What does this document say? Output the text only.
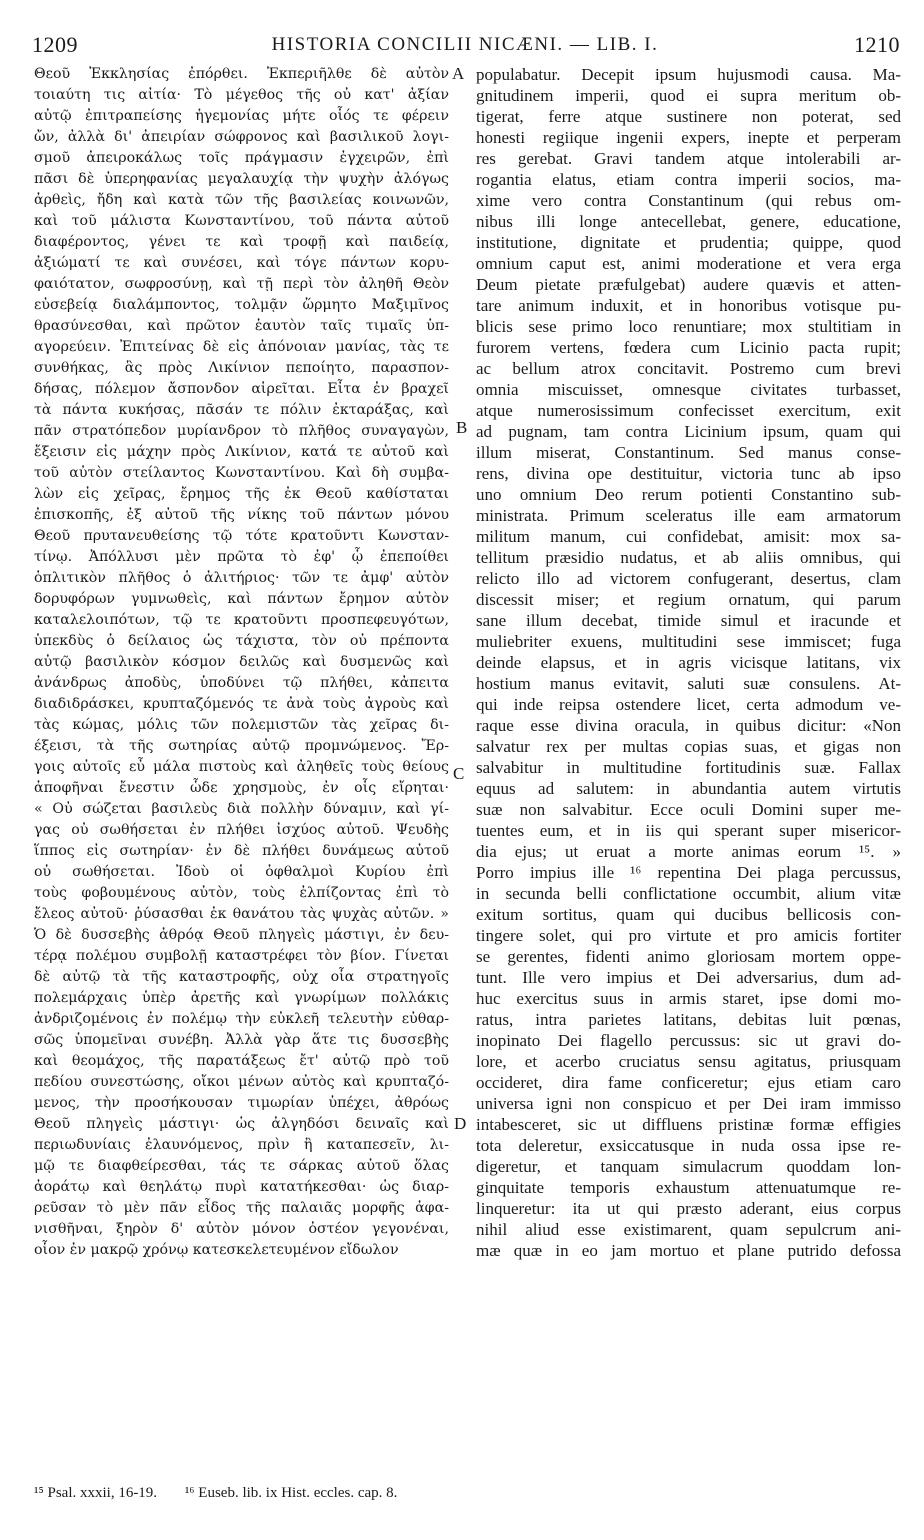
1209	HISTORIA CONCILII NICÆNI. — LIB. I.	1210
Θεοῦ Ἐκκλησίας ἐπόρθει. Ἐκπεριῆλθε δὲ αὐτὸν
τοιαύτη τις αἰτία· Τὸ μέγεθος τῆς οὐ κατ' ἀξίαν
αὐτῷ ἐπιτραπείσης ἡγεμονίας μήτε οἷός τε φέρειν
ὤν, ἀλλὰ δι' ἀπειρίαν σώφρονος καὶ βασιλικοῦ λογι-
σμοῦ ἀπειροκάλως τοῖς πράγμασιν ἐγχειρῶν, ἐπὶ
πᾶσι δὲ ὑπερηφανίας μεγαλαυχίᾳ τὴν ψυχὴν ἀλόγως
ἀρθεὶς, ἤδη καὶ κατὰ τῶν τῆς βασιλείας κοινωνῶν,
καὶ τοῦ μάλιστα Κωνσταντίνου, τοῦ πάντα αὐτοῦ
διαφέροντος, γένει τε καὶ τροφῇ καὶ παιδείᾳ,
ἀξιώματί τε καὶ συνέσει, καὶ τόγε πάντων κορυ-
φαιότατον, σωφροσύνῃ, καὶ τῇ περὶ τὸν ἀληθῆ Θεὸν
εὐσεβείᾳ διαλάμποντος, τολμᾷν ὥρμητο Μαξιμῖνος
θρασύνεσθαι, καὶ πρῶτον ἑαυτὸν ταῖς τιμαῖς ὑπ-
αγορεύειν. Ἐπιτείνας δὲ εἰς ἀπόνοιαν μανίας, τὰς τε
συνθήκας, ἃς πρὸς Λικίνιον πεποίητο, παρασπον-
δήσας, πόλεμον ἄσπονδον αἱρεῖται. Εἶτα ἐν βραχεῖ
τὰ πάντα κυκήσας, πᾶσάν τε πόλιν ἐκταράξας, καὶ
πᾶν στρατόπεδον μυρίανδρον τὸ πλῆθος συναγαγὼν,
ἔξεισιν εἰς μάχην πρὸς Λικίνιον, κατά τε αὐτοῦ καὶ
τοῦ αὐτὸν στείλαντος Κωνσταντίνου. Καὶ δὴ συμβα-
λὼν εἰς χεῖρας, ἔρημος τῆς ἐκ Θεοῦ καθίσταται
ἐπισκοπῆς, ἐξ αὐτοῦ τῆς νίκης τοῦ πάντων μόνου
Θεοῦ πρυτανευθείσης τῷ τότε κρατοῦντι Κωνσταν-
τίνῳ. Ἀπόλλυσι μὲν πρῶτα τὸ ἐφ' ᾧ ἐπεποίθει
ὁπλιτικὸν πλῆθος ὁ ἀλιτήριος· τῶν τε ἀμφ' αὐτὸν
δορυφόρων γυμνωθεὶς, καὶ πάντων ἔρημον αὐτὸν
καταλελοιπότων, τῷ τε κρατοῦντι προσπεφευγότων,
ὑπεκδὺς ὁ δείλαιος ὡς τάχιστα, τὸν οὐ πρέποντα
αὐτῷ βασιλικὸν κόσμον δειλῶς καὶ δυσμενῶς καὶ
ἀνάνδρως ἀποδὺς, ὑποδύνει τῷ πλήθει, κἀπειτα
διαδιδράσκει, κρυπταζόμενός τε ἀνὰ τοὺς ἀγροὺς καὶ
τὰς κώμας, μόλις τῶν πολεμιστῶν τὰς χεῖρας δι-
έξεισι, τὰ τῆς σωτηρίας αὐτῷ προμνώμενος. Ἔρ-
γοις αὐτοῖς εὖ μάλα πιστοὺς καὶ ἀληθεῖς τοὺς θείους
ἀποφῆναι ἔνεστιν ὧδε χρησμοὺς, ἐν οἷς εἴρηται·
« Οὐ σώζεται βασιλεὺς διὰ πολλὴν δύναμιν, καὶ γί-
γας οὐ σωθήσεται ἐν πλήθει ἰσχύος αὐτοῦ. Ψευδὴς
ἵππος εἰς σωτηρίαν· ἐν δὲ πλήθει δυνάμεως αὐτοῦ
οὐ σωθήσεται. Ἰδοὺ οἱ ὀφθαλμοὶ Κυρίου ἐπὶ
τοὺς φοβουμένους αὐτὸν, τοὺς ἐλπίζοντας ἐπὶ τὸ
ἔλεος αὐτοῦ· ῥύσασθαι ἐκ θανάτου τὰς ψυχὰς αὐτῶν. »
Ὁ δὲ δυσσεβὴς ἀθρόᾳ Θεοῦ πληγεὶς μάστιγι, ἐν δευ-
τέρᾳ πολέμου συμβολῇ καταστρέφει τὸν βίον. Γίνεται
δὲ αὐτῷ τὰ τῆς καταστροφῆς, οὐχ οἷα στρατηγοῖς
πολεμάρχαις ὑπὲρ ἀρετῆς καὶ γνωρίμων πολλάκις
ἀνδριζομένοις ἐν πολέμῳ τὴν εὐκλεῆ τελευτὴν εὐθαρ-
σῶς ὑπομεῖναι συνέβη. Ἀλλὰ γὰρ ἅτε τις δυσσεβὴς
καὶ θεομάχος, τῆς παρατάξεως ἔτ' αὐτῷ πρὸ τοῦ
πεδίου συνεστώσης, οἴκοι μένων αὐτὸς καὶ κρυπταζό-
μενος, τὴν προσήκουσαν τιμωρίαν ὑπέχει, ἀθρόως
Θεοῦ πληγεὶς μάστιγι· ὡς ἀλγηδόσι δειναῖς καὶ
περιωδυνίαις ἐλαυνόμενος, πρὶν ἢ καταπεσεῖν, λι-
μῷ τε διαφθείρεσθαι, τάς τε σάρκας αὐτοῦ ὅλας
ἀοράτῳ καὶ θεηλάτῳ πυρὶ κατατήκεσθαι· ὡς διαρ-
ρεῦσαν τὸ μὲν πᾶν εἶδος τῆς παλαιᾶς μορφῆς ἀφα-
νισθῆναι, ξηρὸν δ' αὐτὸν μόνον ὀστέον γεγονέναι,
οἷον ἐν μακρῷ χρόνῳ κατεσκελετευμένον εἴδωλον
populabatur. Decepit ipsum hujusmodi causa. Ma-
gnitudinem imperii, quod ei supra meritum ob-
tigerat, ferre atque sustinere non poterat, sed
honesti regiique ingenii expers, inepte et perperam
res gerebat. Gravi tandem atque intolerabili ar-
rogantia elatus, etiam contra imperii socios, ma-
xime vero contra Constantinum (qui rebus om-
nibus illi longe antecellebat, genere, educatione,
institutione, dignitate et prudentia; quippe, quod
omnium caput est, animi moderatione et vera erga
Deum pietate præfulgebat) audere quævis et atten-
tare animum induxit, et in honoribus votisque pu-
blicis sese primo loco renuntiare; mox stultitiam in
furorem vertens, fœdera cum Licinio pacta rupit;
ac bellum atrox concitavit. Postremo cum brevi
omnia miscuisset, omnesque civitates turbasset,
atque numerosissimum confecisset exercitum, exit
ad pugnam, tam contra Licinium ipsum, quam qui
illum miserat, Constantinum. Sed manus conse-
rens, divina ope destituitur, victoria tunc ab ipso
uno omnium Deo rerum potienti Constantino sub-
ministrata. Primum sceleratus ille eam armatorum
militum manum, cui confidebat, amisit: mox sa-
tellitum præsidio nudatus, et ab aliis omnibus, qui
relicto illo ad victorem confugerant, desertus, clam
discessit miser; et regium ornatum, qui parum
sane illum decebat, timide simul et iracunde et
muliebriter exuens, multitudini sese immiscet; fuga
deinde elapsus, et in agris vicisque latitans, vix
hostium manus evitavit, saluti suæ consulens. At-
qui inde reipsa ostendere licet, certa admodum ve-
raque esse divina oracula, in quibus dicitur: «Non
salvatur rex per multas copias suas, et gigas non
salvabitur in multitudine fortitudinis suæ. Fallax
equus ad salutem: in abundantia autem virtutis
suæ non salvabitur. Ecce oculi Domini super me-
tuentes eum, et in iis qui sperant super misericor-
dia ejus; ut eruat a morte animas eorum ¹⁵. »
Porro impius ille ¹⁶ repentina Dei plaga percussus,
in secunda belli conflictatione occumbit, alium vitæ
exitum sortitus, quam qui ducibus bellicosis con-
tingere solet, qui pro virtute et pro amicis fortiter
se gerentes, fidenti animo gloriosam mortem oppe-
tunt. Ille vero impius et Dei adversarius, dum ad-
huc exercitus suus in armis staret, ipse domi mo-
ratus, intra parietes latitans, debitas luit pœnas,
inopinato Dei flagello percussus: sic ut gravi do-
lore, et acerbo cruciatus sensu agitatus, priusquam
occideret, dira fame conficeretur; ejus etiam caro
universa igni non conspicuo et per Dei iram immisso
intabesceret, sic ut diffluens pristinæ formæ effigies
tota deleretur, exsiccatusque in nuda ossa ipse re-
digeretur, et tanquam simulacrum quoddam lon-
ginquitate temporis exhaustum attenuatumque re-
linqueretur: ita ut qui præsto aderant, eius corpus
nihil aliud esse existimarent, quam sepulcrum ani-
mæ quæ in eo jam mortuo et plane putrido defossa
A
B
C
D
¹⁵ Psal. xxxii, 16-19. ¹⁶ Euseb. lib. ix Hist. eccles. cap. 8.
